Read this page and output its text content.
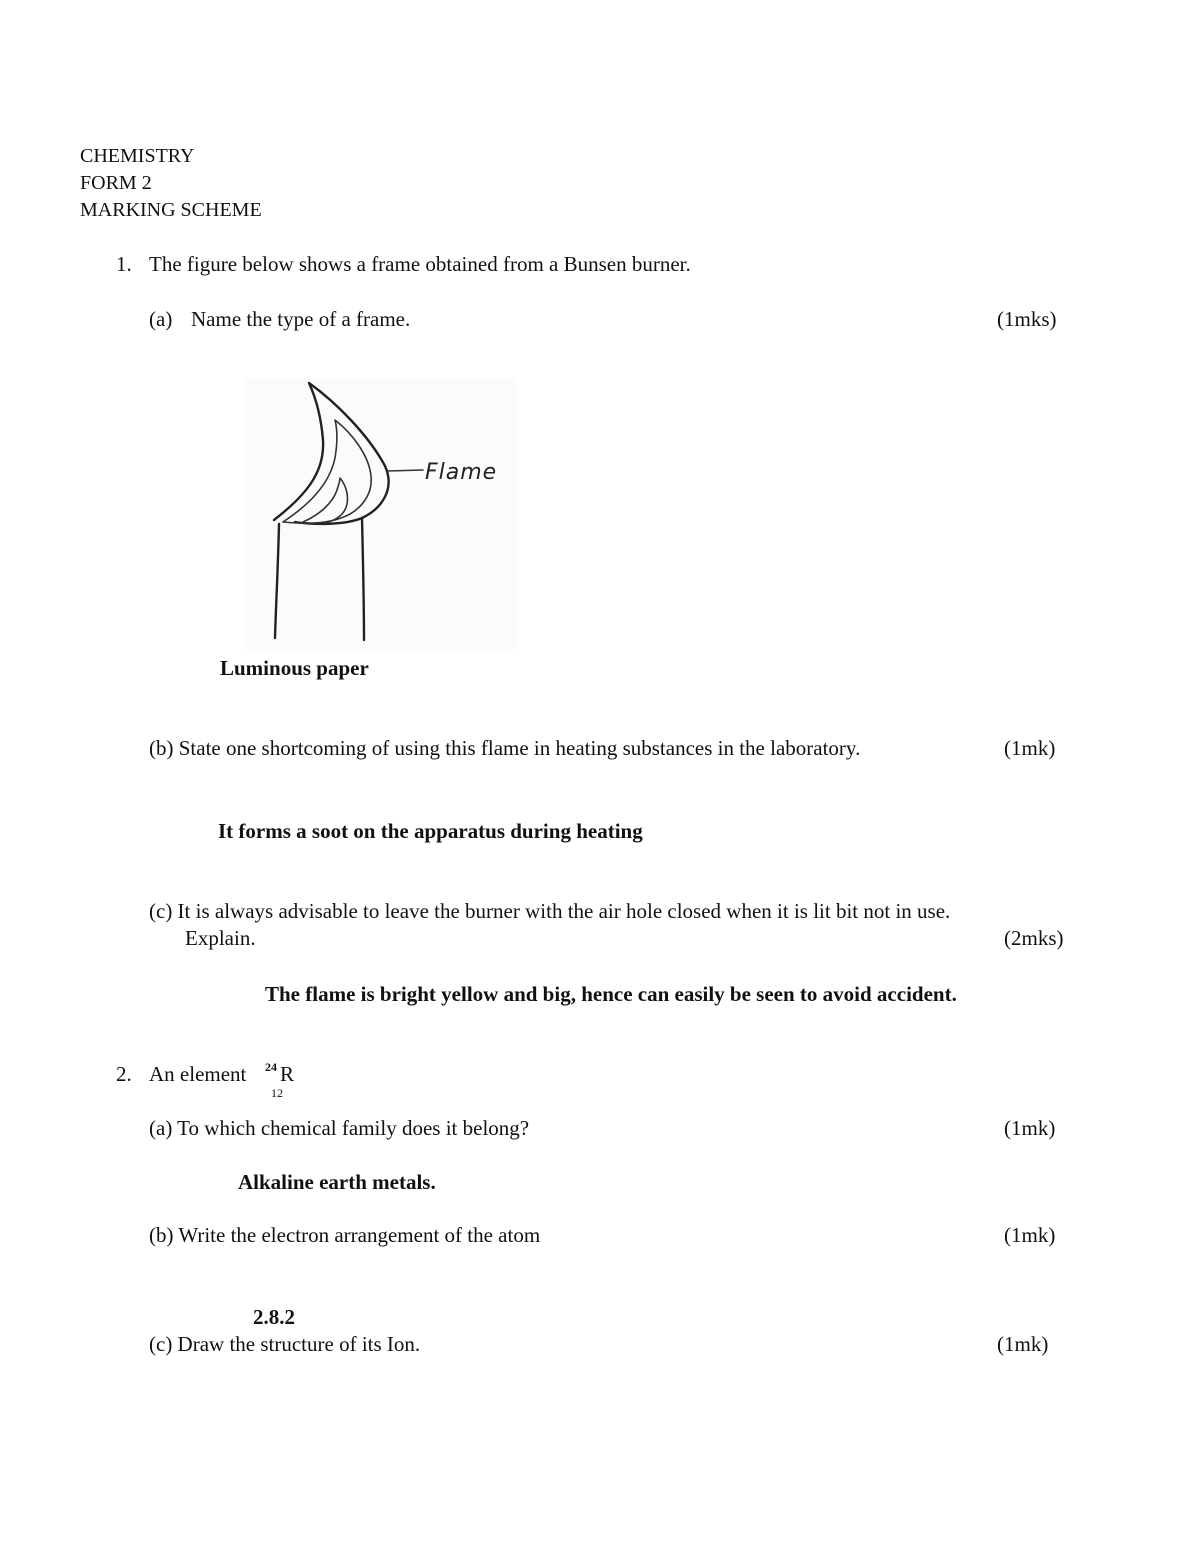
CHEMISTRY
FORM 2
MARKING SCHEME
1. The figure below shows a frame obtained from a Bunsen burner.
(a) Name the type of a frame.	(1mks)
Flame
Luminous paper
(b) State one shortcoming of using this flame in heating substances in the laboratory.	(1mk)
It forms a soot on the apparatus during heating
(c) It is always advisable to leave the burner with the air hole closed when it is lit bit not in use.
Explain.	(2mks)
The flame is bright yellow and big, hence can easily be seen to avoid accident.
2. An element 24 R
12
(a) To which chemical family does it belong?	(1mk)
Alkaline earth metals.
(b) Write the electron arrangement of the atom	(1mk)
2.8.2
(c) Draw the structure of its Ion.	(1mk)
